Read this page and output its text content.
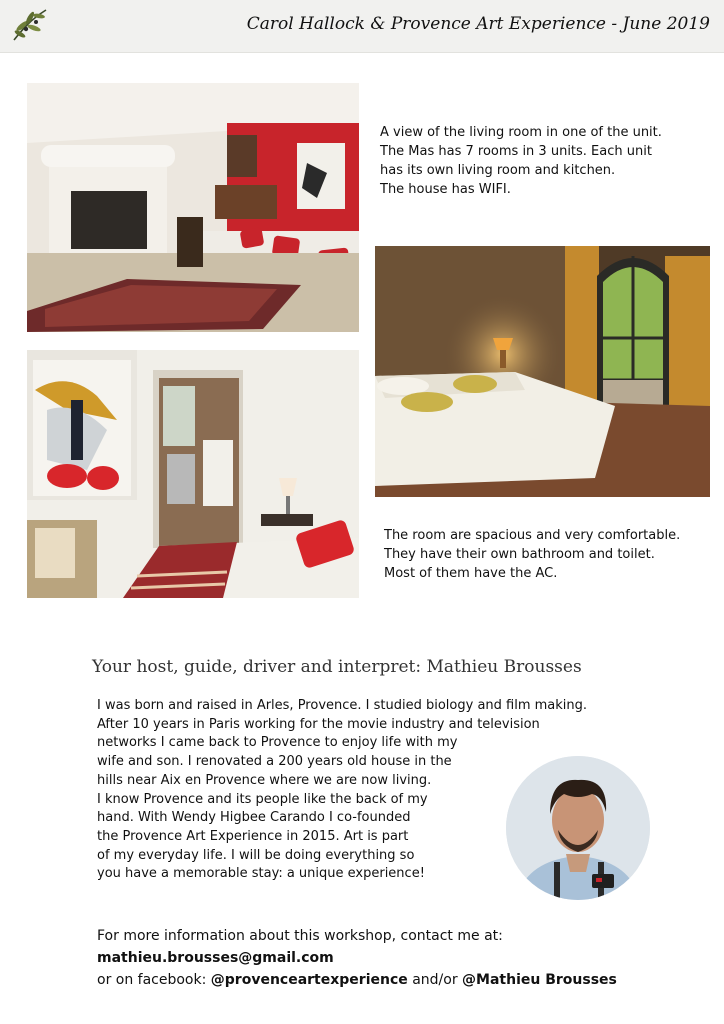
Carol Hallock & Provence Art Experience - June 2019
A view of the living room in one of the unit.
The Mas has 7 rooms in 3 units. Each unit
has its own living room and kitchen.
The house has WIFI.
The room are spacious and very comfortable.
They have their own bathroom and toilet.
Most of them have the AC.
Your host, guide, driver and interpret: Mathieu Brousses
I was born and raised in Arles, Provence. I studied biology and film making.
After 10 years in Paris working for the movie industry and television
networks I came back to Provence to enjoy life with my
wife and son. I renovated a 200 years old house in the
hills near Aix en Provence where we are now living.
I know Provence and its people like the back of my
hand. With Wendy Higbee Carando I co-founded
the Provence Art Experience in 2015. Art is part
of my everyday life. I will be doing everything so
you have a memorable stay: a unique experience!
For more information about this workshop, contact me at:
mathieu.brousses@gmail.com
or on facebook: @provenceartexperience and/or @Mathieu Brousses
